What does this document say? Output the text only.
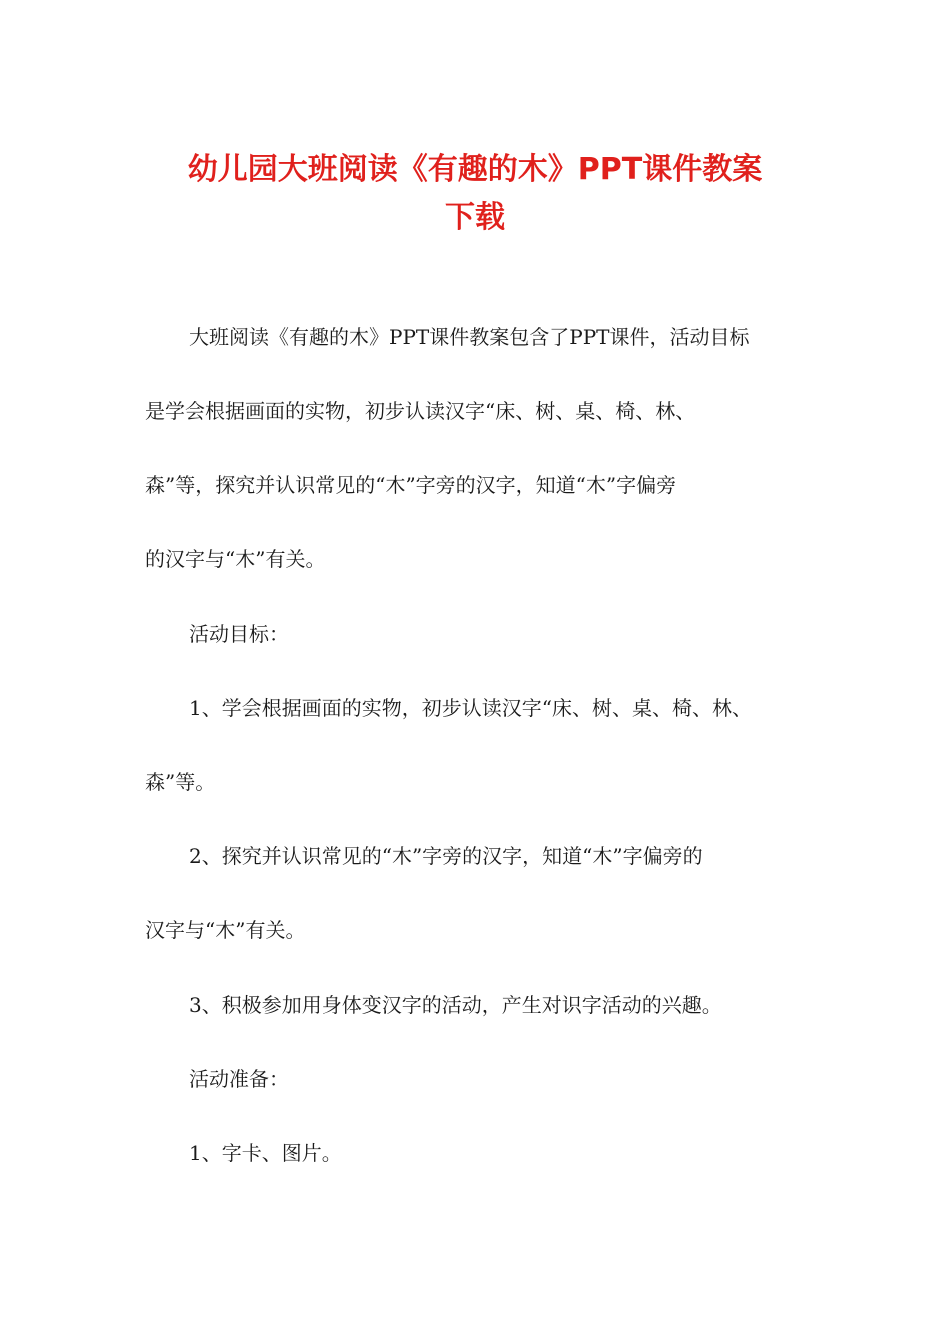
幼儿园大班阅读《有趣的木》PPT课件教案
下载
大班阅读《有趣的木》PPT课件教案包含了PPT课件，活动目标
是学会根据画面的实物，初步认读汉字“床、树、桌、椅、林、
森”等，探究并认识常见的“木”字旁的汉字，知道“木”字偏旁
的汉字与“木”有关。
活动目标：
1、学会根据画面的实物，初步认读汉字“床、树、桌、椅、林、
森”等。
2、探究并认识常见的“木”字旁的汉字，知道“木”字偏旁的
汉字与“木”有关。
3、积极参加用身体变汉字的活动，产生对识字活动的兴趣。
活动准备：
1、字卡、图片。
